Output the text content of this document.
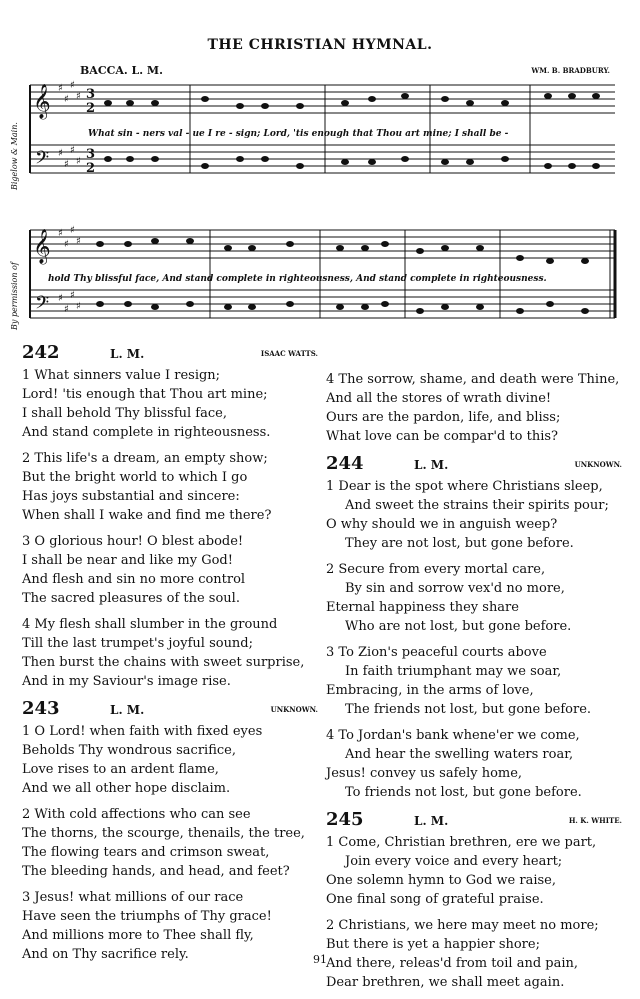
THE CHRISTIAN HYMNAL.
BACCA. L. M.	WM. B. BRADBURY.
Bigelow & Main.
By permission of
𝄞
𝄢
𝄞
𝄢
♯
♯
♯
♯
♯
♯
♯
♯
♯
♯
♯
♯
♯
♯
♯
♯
3
2
3
2
What sin - ners val - ue I re - sign; Lord, 'tis enough that Thou art mine; I shall be -
hold Thy blissful face, And stand complete in righteousness, And stand complete in righteousness.
242	L. M.	ISAAC WATTS.
1 What sinners value I resign;
Lord! 'tis enough that Thou art mine;
I shall behold Thy blissful face,
And stand complete in righteousness.
2 This life's a dream, an empty show;
But the bright world to which I go
Has joys substantial and sincere:
When shall I wake and find me there?
3 O glorious hour! O blest abode!
I shall be near and like my God!
And flesh and sin no more control
The sacred pleasures of the soul.
4 My flesh shall slumber in the ground
Till the last trumpet's joyful sound;
Then burst the chains with sweet surprise,
And in my Saviour's image rise.
243	L. M.	UNKNOWN.
1 O Lord! when faith with fixed eyes
Beholds Thy wondrous sacrifice,
Love rises to an ardent flame,
And we all other hope disclaim.
2 With cold affections who can see
The thorns, the scourge, thenails, the tree,
The flowing tears and crimson sweat,
The bleeding hands, and head, and feet?
3 Jesus! what millions of our race
Have seen the triumphs of Thy grace!
And millions more to Thee shall fly,
And on Thy sacrifice rely.
4 The sorrow, shame, and death were Thine,
And all the stores of wrath divine!
Ours are the pardon, life, and bliss;
What love can be compar'd to this?
244	L. M.	UNKNOWN.
1 Dear is the spot where Christians sleep,
And sweet the strains their spirits pour;
O why should we in anguish weep?
They are not lost, but gone before.
2 Secure from every mortal care,
By sin and sorrow vex'd no more,
Eternal happiness they share
Who are not lost, but gone before.
3 To Zion's peaceful courts above
In faith triumphant may we soar,
Embracing, in the arms of love,
The friends not lost, but gone before.
4 To Jordan's bank whene'er we come,
And hear the swelling waters roar,
Jesus! convey us safely home,
To friends not lost, but gone before.
245	L. M.	H. K. WHITE.
1 Come, Christian brethren, ere we part,
Join every voice and every heart;
One solemn hymn to God we raise,
One final song of grateful praise.
2 Christians, we here may meet no more;
But there is yet a happier shore;
And there, releas'd from toil and pain,
Dear brethren, we shall meet again.
91
